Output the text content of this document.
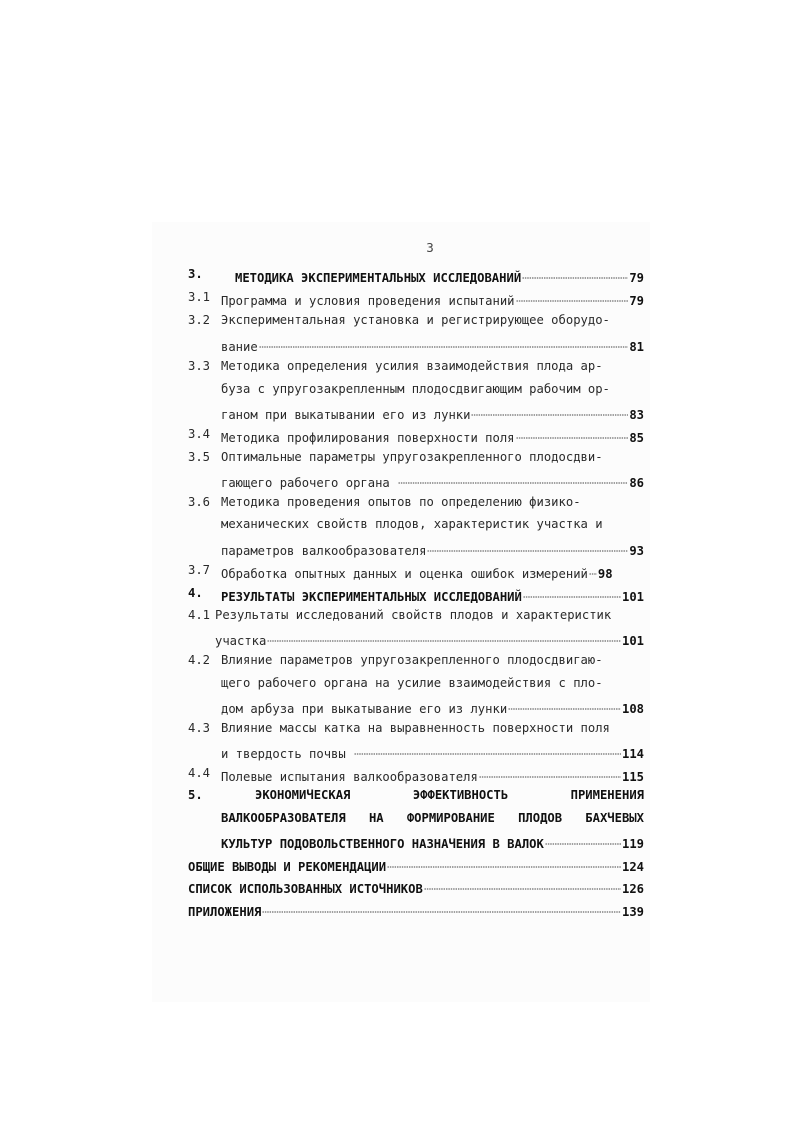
3
3.	МЕТОДИКА ЭКСПЕРИМЕНТАЛЬНЫХ ИССЛЕДОВАНИЙ	79
3.1 Программа и условия проведения испытаний	79
3.2 Экспериментальная установка и регистрирующее оборудо-
вание	81
3.3 Методика определения усилия взаимодействия плода ар-
буза с упругозакрепленным плодосдвигающим рабочим ор-
ганом при выкатывании его из лунки	83
3.4 Методика профилирования поверхности поля	85
3.5 Оптимальные параметры упругозакрепленного плодосдви-
гающего рабочего органа	86
3.6 Методика проведения опытов по определению физико-
механических свойств плодов, характеристик участка и
параметров валкообразователя	93
3.7 Обработка опытных данных и оценка ошибок измерений 98
4. РЕЗУЛЬТАТЫ ЭКСПЕРИМЕНТАЛЬНЫХ ИССЛЕДОВАНИЙ	101
4.1 Результаты исследований свойств плодов и характеристик
участка	101
4.2 Влияние параметров упругозакрепленного плодосдвигаю-
щего рабочего органа на усилие взаимодействия с пло-
дом арбуза при выкатывание его из лунки	108
4.3 Влияние массы катка на выравненность поверхности поля
и твердость почвы	114
4.4 Полевые испытания валкообразователя	115
5.	ЭКОНОМИЧЕСКАЯ	ЭФФЕКТИВНОСТЬ	ПРИМЕНЕНИЯ
ВАЛКООБРАЗОВАТЕЛЯ НА ФОРМИРОВАНИЕ ПЛОДОВ БАХЧЕВЫХ
КУЛЬТУР ПОДОВОЛЬСТВЕННОГО НАЗНАЧЕНИЯ В ВАЛОК	119
ОБЩИЕ ВЫВОДЫ И РЕКОМЕНДАЦИИ	124
СПИСОК ИСПОЛЬЗОВАННЫХ ИСТОЧНИКОВ	126
ПРИЛОЖЕНИЯ	139
